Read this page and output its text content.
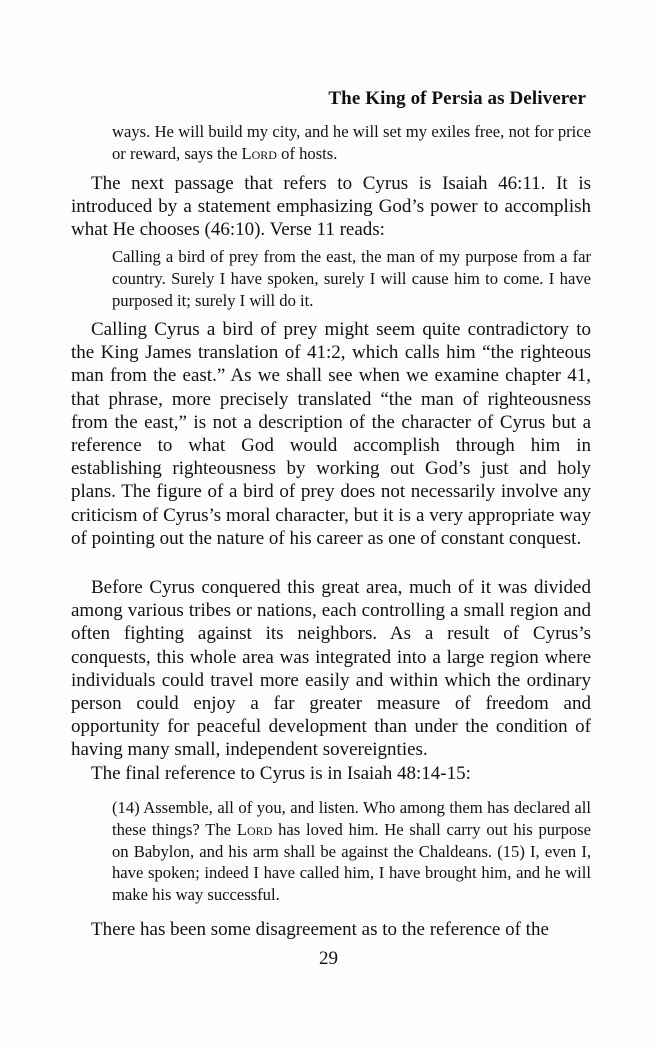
The King of Persia as Deliverer

ways. He will build my city, and he will set my exiles free, not for price or reward, says the Lord of hosts.

The next passage that refers to Cyrus is Isaiah 46:11. It is introduced by a statement emphasizing God’s power to accomplish what He chooses (46:10). Verse 11 reads:

Calling a bird of prey from the east, the man of my purpose from a far country. Surely I have spoken, surely I will cause him to come. I have purposed it; surely I will do it.

Calling Cyrus a bird of prey might seem quite contradictory to the King James translation of 41:2, which calls him “the righteous man from the east.” As we shall see when we examine chapter 41, that phrase, more precisely translated “the man of righteousness from the east,” is not a description of the character of Cyrus but a reference to what God would accomplish through him in establishing righteousness by working out God’s just and holy plans. The figure of a bird of prey does not necessarily involve any criticism of Cyrus’s moral character, but it is a very appropriate way of pointing out the nature of his career as one of constant conquest.

Before Cyrus conquered this great area, much of it was divided among various tribes or nations, each controlling a small region and often fighting against its neighbors. As a result of Cyrus’s conquests, this whole area was integrated into a large region where individuals could travel more easily and within which the ordinary person could enjoy a far greater measure of freedom and opportunity for peaceful development than under the condition of having many small, independent sovereignties.

The final reference to Cyrus is in Isaiah 48:14-15:

(14) Assemble, all of you, and listen. Who among them has declared all these things? The Lord has loved him. He shall carry out his purpose on Babylon, and his arm shall be against the Chaldeans. (15) I, even I, have spoken; indeed I have called him, I have brought him, and he will make his way successful.

There has been some disagreement as to the reference of the

29
